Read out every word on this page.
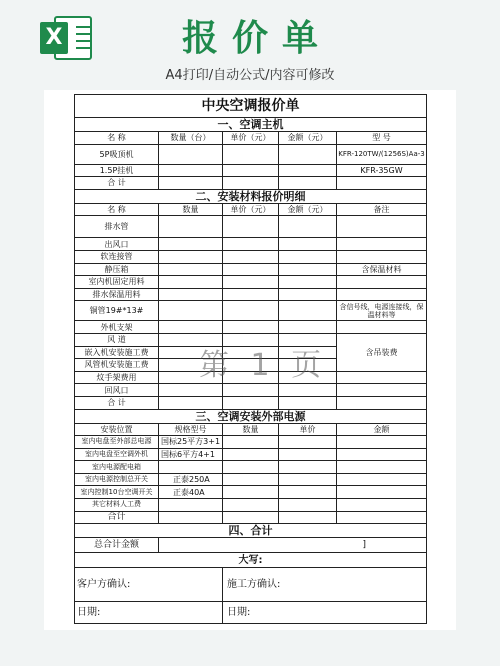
X	报价单
A4打印/自动公式/内容可修改
中央空调报价单				
一、空调主机				
名 称	数量（台）	单价（元）	金额（元）	型 号
5P吸顶机				KFR-120TW/(1256S)Aa-3
1.5P挂机				KFR-35GW
合 计				
二、安装材料报价明细				
名 称	数量	单价（元）	金额（元）	备注
排水管				
出风口				
软连接管				
静压箱				含保温材料
室内机固定用料				
排水保温用料				
铜管19#*13#				含信号线，电源连接线，保温材料等
外机支架				
风 道				含吊装费
嵌入机安装施工费				
风管机安装施工费				
炆手架费用				
回风口				
合 计				
三、空调安装外部电源				
安装位置	规格型号	数量	单价	金额
室内电盘至外部总电源	国标25平方3+1			
室内电盘至空调外机	国标6平方4+1			
室内电源配电箱				
室内电源控制总开关	正泰250A			
室内控制10台空调开关	正泰40A			
其它材料人工费				
合计				
四、合计				
总合计金额	]			
大写:				
客户方确认:		施工方确认:		
日期:		日期:		
第 1 页
